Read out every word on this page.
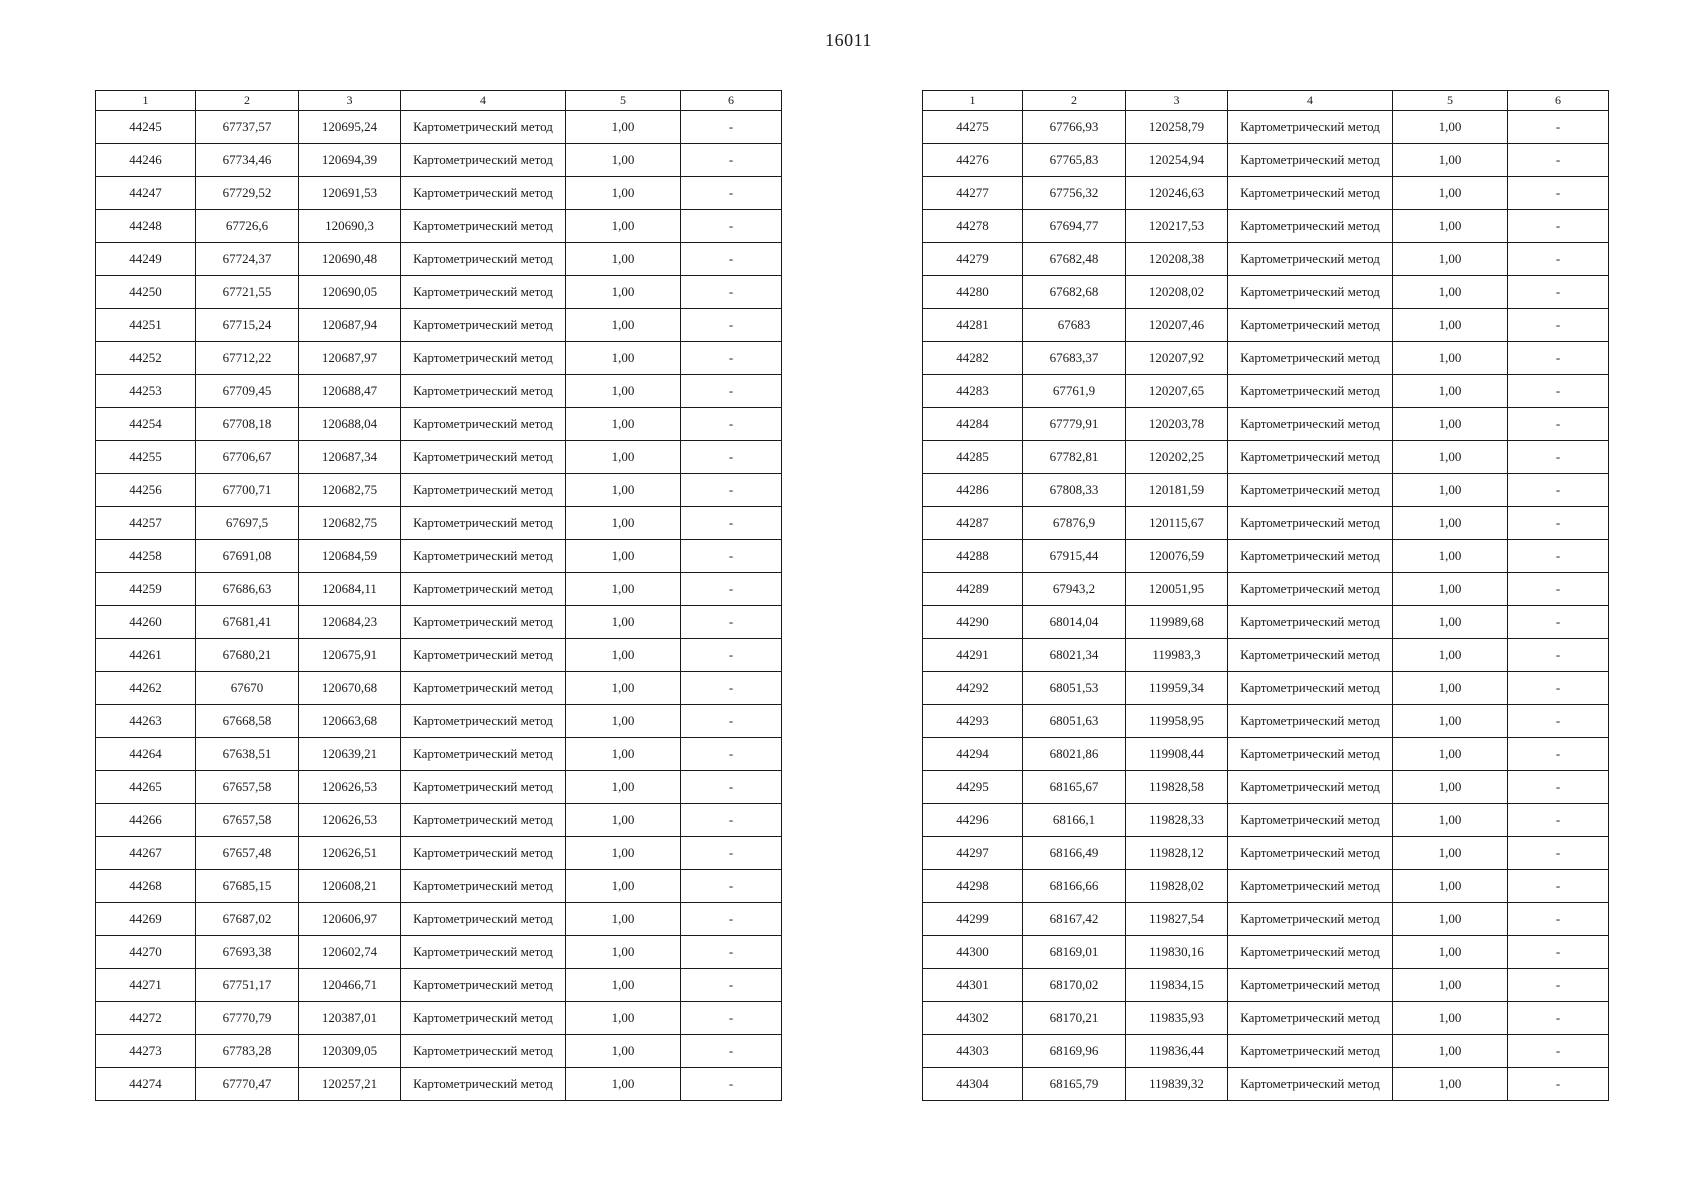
16011
1	2	3	4	5	6
44245	67737,57	120695,24	Картометрический метод	1,00	-
44246	67734,46	120694,39	Картометрический метод	1,00	-
44247	67729,52	120691,53	Картометрический метод	1,00	-
44248	67726,6	120690,3	Картометрический метод	1,00	-
44249	67724,37	120690,48	Картометрический метод	1,00	-
44250	67721,55	120690,05	Картометрический метод	1,00	-
44251	67715,24	120687,94	Картометрический метод	1,00	-
44252	67712,22	120687,97	Картометрический метод	1,00	-
44253	67709,45	120688,47	Картометрический метод	1,00	-
44254	67708,18	120688,04	Картометрический метод	1,00	-
44255	67706,67	120687,34	Картометрический метод	1,00	-
44256	67700,71	120682,75	Картометрический метод	1,00	-
44257	67697,5	120682,75	Картометрический метод	1,00	-
44258	67691,08	120684,59	Картометрический метод	1,00	-
44259	67686,63	120684,11	Картометрический метод	1,00	-
44260	67681,41	120684,23	Картометрический метод	1,00	-
44261	67680,21	120675,91	Картометрический метод	1,00	-
44262	67670	120670,68	Картометрический метод	1,00	-
44263	67668,58	120663,68	Картометрический метод	1,00	-
44264	67638,51	120639,21	Картометрический метод	1,00	-
44265	67657,58	120626,53	Картометрический метод	1,00	-
44266	67657,58	120626,53	Картометрический метод	1,00	-
44267	67657,48	120626,51	Картометрический метод	1,00	-
44268	67685,15	120608,21	Картометрический метод	1,00	-
44269	67687,02	120606,97	Картометрический метод	1,00	-
44270	67693,38	120602,74	Картометрический метод	1,00	-
44271	67751,17	120466,71	Картометрический метод	1,00	-
44272	67770,79	120387,01	Картометрический метод	1,00	-
44273	67783,28	120309,05	Картометрический метод	1,00	-
44274	67770,47	120257,21	Картометрический метод	1,00	-
1	2	3	4	5	6
44275	67766,93	120258,79	Картометрический метод	1,00	-
44276	67765,83	120254,94	Картометрический метод	1,00	-
44277	67756,32	120246,63	Картометрический метод	1,00	-
44278	67694,77	120217,53	Картометрический метод	1,00	-
44279	67682,48	120208,38	Картометрический метод	1,00	-
44280	67682,68	120208,02	Картометрический метод	1,00	-
44281	67683	120207,46	Картометрический метод	1,00	-
44282	67683,37	120207,92	Картометрический метод	1,00	-
44283	67761,9	120207,65	Картометрический метод	1,00	-
44284	67779,91	120203,78	Картометрический метод	1,00	-
44285	67782,81	120202,25	Картометрический метод	1,00	-
44286	67808,33	120181,59	Картометрический метод	1,00	-
44287	67876,9	120115,67	Картометрический метод	1,00	-
44288	67915,44	120076,59	Картометрический метод	1,00	-
44289	67943,2	120051,95	Картометрический метод	1,00	-
44290	68014,04	119989,68	Картометрический метод	1,00	-
44291	68021,34	119983,3	Картометрический метод	1,00	-
44292	68051,53	119959,34	Картометрический метод	1,00	-
44293	68051,63	119958,95	Картометрический метод	1,00	-
44294	68021,86	119908,44	Картометрический метод	1,00	-
44295	68165,67	119828,58	Картометрический метод	1,00	-
44296	68166,1	119828,33	Картометрический метод	1,00	-
44297	68166,49	119828,12	Картометрический метод	1,00	-
44298	68166,66	119828,02	Картометрический метод	1,00	-
44299	68167,42	119827,54	Картометрический метод	1,00	-
44300	68169,01	119830,16	Картометрический метод	1,00	-
44301	68170,02	119834,15	Картометрический метод	1,00	-
44302	68170,21	119835,93	Картометрический метод	1,00	-
44303	68169,96	119836,44	Картометрический метод	1,00	-
44304	68165,79	119839,32	Картометрический метод	1,00	-
